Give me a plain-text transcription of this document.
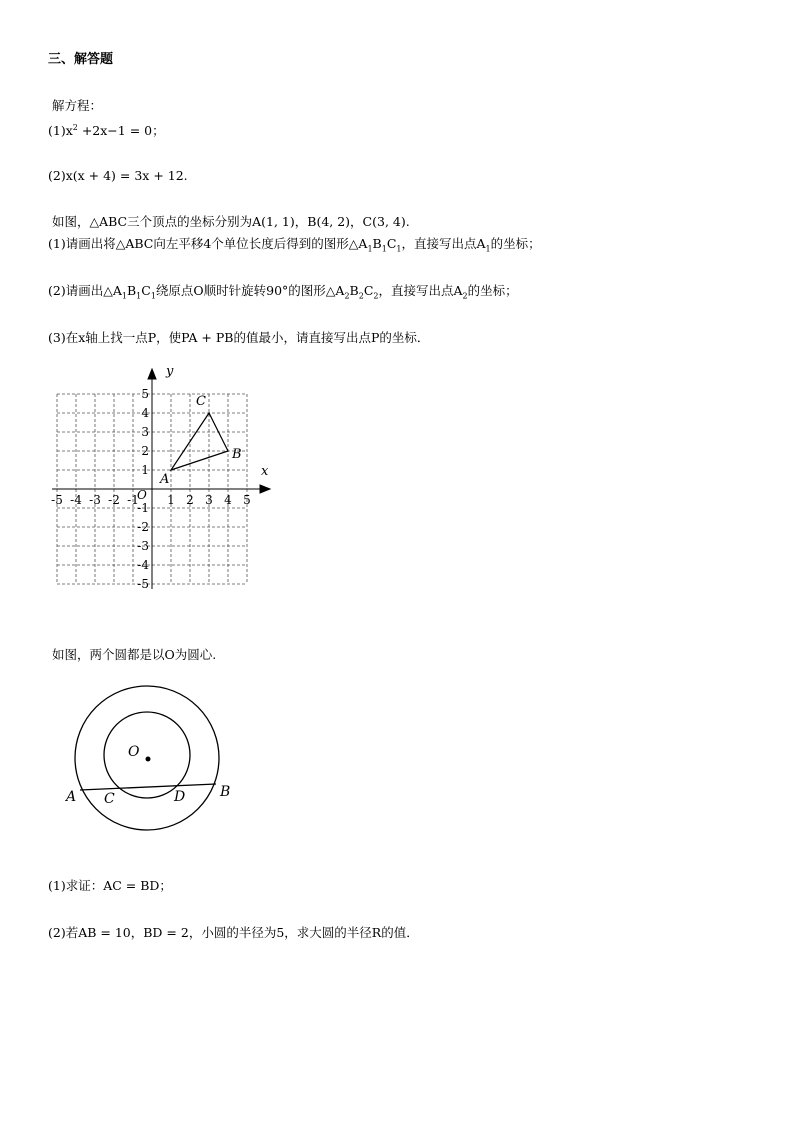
三、解答题
解方程：
$(1)x^2 +2x-1 = 0$；
(2)x(x + 4) = 3x + 12.
如图，△ABC三个顶点的坐标分别为A(1, 1)，B(4, 2)，C(3, 4).
(1)请画出将△ABC向左平移4个单位长度后得到的图形$\triangle A_1B_1C_1$，直接写出点$A_1$的坐标；
(2)请画出$\triangle A_1B_1C_1$绕原点O顺时针旋转90°的图形$\triangle A_2B_2C_2$，直接写出点$A_2$的坐标；
(3)在x轴上找一点P，使PA + PB的值最小，请直接写出点P的坐标．
-5 -4 -3 -2 -1 1 2 3 4 5
5
4
3
2
1
-1
-2
-3
-4
-5
x
y
O
A
B
C
如图，两个圆都是以O为圆心.
O
A	B
C	D
(1)求证：AC = BD；
(2)若AB = 10，BD = 2，小圆的半径为5，求大圆的半径R的值．
